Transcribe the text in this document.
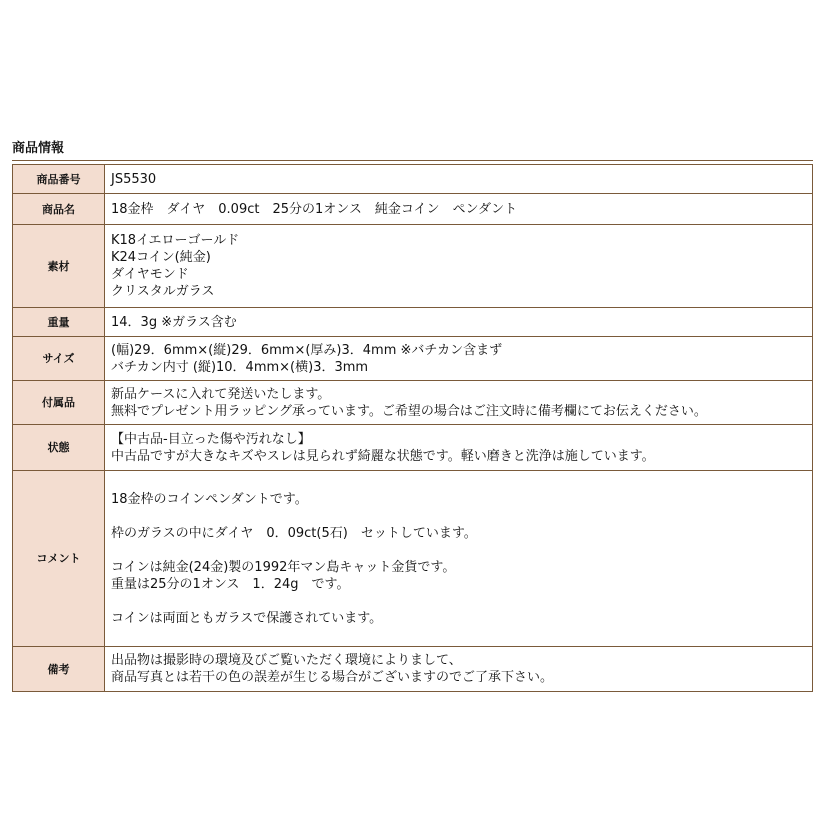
商品情報
商品番号	JS5530

商品名	18金枠　ダイヤ　0.09ct　25分の1オンス　純金コイン　ペンダント

素材	K18イエローゴールド
K24コイン(純金)
ダイヤモンド
クリスタルガラス

重量	14．3g ※ガラス含む

サイズ	(幅)29．6mm×(縦)29．6mm×(厚み)3．4mm ※バチカン含まず
バチカン内寸 (縦)10．4mm×(横)3．3mm

付属品	新品ケースに入れて発送いたします。
無料でプレゼント用ラッピング承っています。ご希望の場合はご注文時に備考欄にてお伝えください。

状態	【中古品-目立った傷や汚れなし】
中古品ですが大きなキズやスレは見られず綺麗な状態です。軽い磨きと洗浄は施しています。

コメント	18金枠のコインペンダントです。
枠のガラスの中にダイヤ　0．09ct(5石)　セットしています。
コインは純金(24金)製の1992年マン島キャット金貨です。
重量は25分の1オンス　1．24g　です。
コインは両面ともガラスで保護されています。

備考	出品物は撮影時の環境及びご覧いただく環境によりまして、
商品写真とは若干の色の誤差が生じる場合がございますのでご了承下さい。
